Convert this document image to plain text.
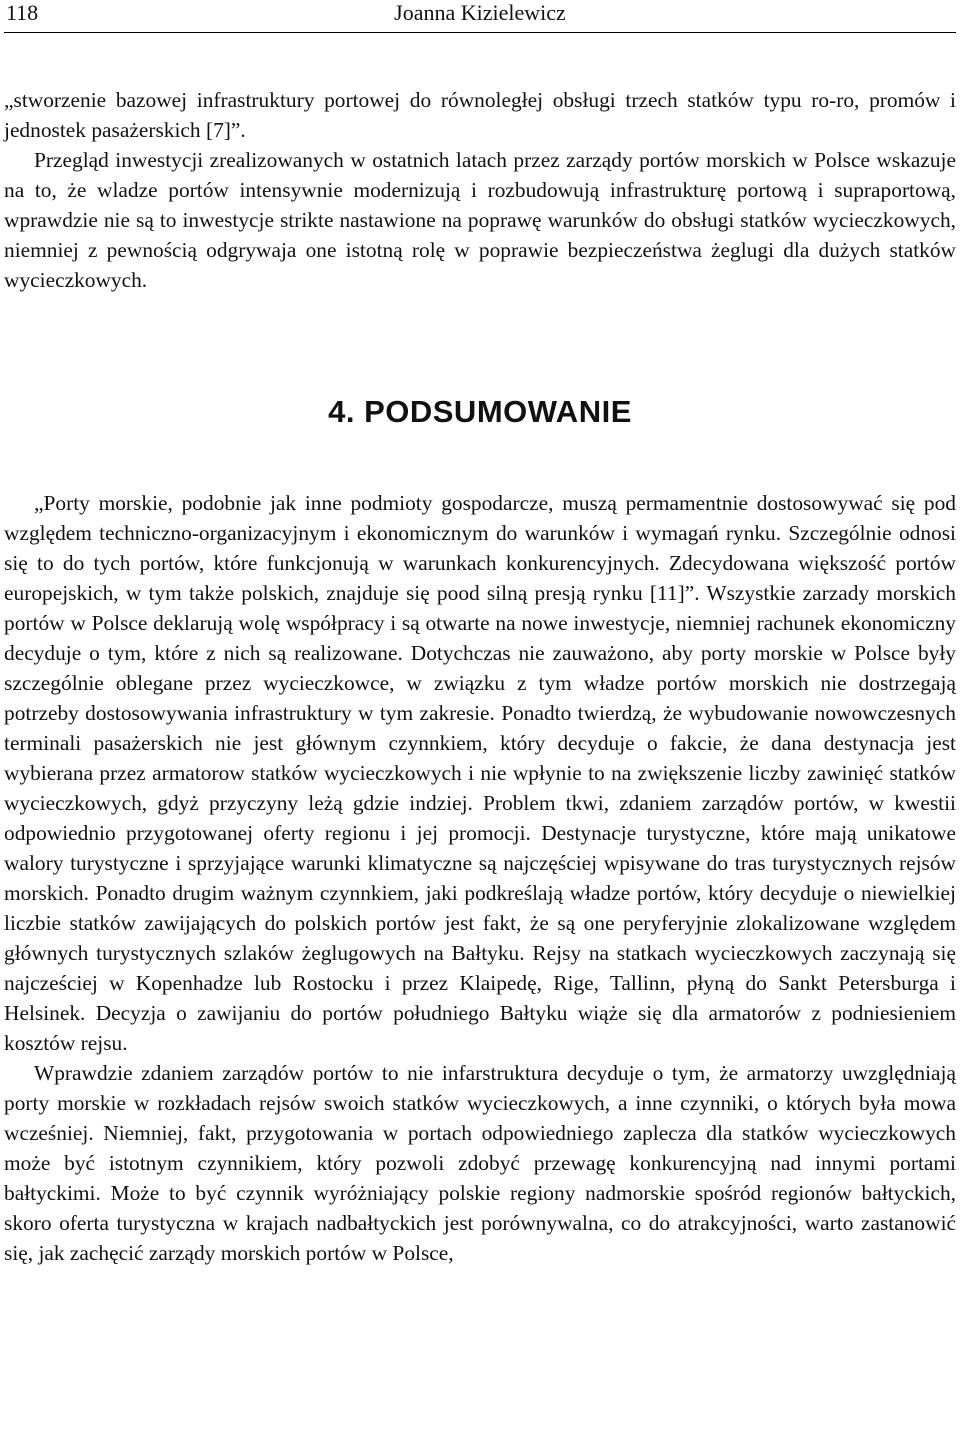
118	Joanna Kizielewicz

„stworzenie bazowej infrastruktury portowej do równoległej obsługi trzech statków typu ro-ro, promów i jednostek pasażerskich [7]”.

Przegląd inwestycji zrealizowanych w ostatnich latach przez zarządy portów morskich w Polsce wskazuje na to, że wladze portów intensywnie modernizują i rozbudowują infrastrukturę portową i supraportową, wprawdzie nie są to inwestycje strikte nastawione na poprawę warunków do obsługi statków wycieczkowych, niemniej z pewnością odgrywaja one istotną rolę w poprawie bezpieczeństwa żeglugi dla dużych statków wycieczkowych.

4. PODSUMOWANIE

„Porty morskie, podobnie jak inne podmioty gospodarcze, muszą permamentnie dostosowywać się pod względem techniczno-organizacyjnym i ekonomicznym do warunków i wymagań rynku. Szczególnie odnosi się to do tych portów, które funkcjonują w warunkach konkurencyjnych. Zdecydowana większość portów europejskich, w tym także polskich, znajduje się pood silną presją rynku [11]”. Wszystkie zarzady morskich portów w Polsce deklarują wolę współpracy i są otwarte na nowe inwestycje, niemniej rachunek ekonomiczny decyduje o tym, które z nich są realizowane. Dotychczas nie zauważono, aby porty morskie w Polsce były szczególnie oblegane przez wycieczkowce, w związku z tym władze portów morskich nie dostrzegają potrzeby dostosowywania infrastruktury w tym zakresie. Ponadto twierdzą, że wybudowanie nowowczesnych terminali pasażerskich nie jest głównym czynnkiem, który decyduje o fakcie, że dana destynacja jest wybierana przez armatorow statków wycieczkowych i nie wpłynie to na zwiększenie liczby zawinięć statków wycieczkowych, gdyż przyczyny leżą gdzie indziej. Problem tkwi, zdaniem zarządów portów, w kwestii odpowiednio przygotowanej oferty regionu i jej promocji. Destynacje turystyczne, które mają unikatowe walory turystyczne i sprzyjające warunki klimatyczne są najczęściej wpisywane do tras turystycznych rejsów morskich. Ponadto drugim ważnym czynnkiem, jaki podkreślają władze portów, który decyduje o niewielkiej liczbie statków zawijających do polskich portów jest fakt, że są one peryferyjnie zlokalizowane względem głównych turystycznych szlaków żeglugowych na Bałtyku. Rejsy na statkach wycieczkowych zaczynają się najcześciej w Kopenhadze lub Rostocku i przez Klaipedę, Rige, Tallinn, płyną do Sankt Petersburga i Helsinek. Decyzja o zawijaniu do portów południego Bałtyku wiąże się dla armatorów z podniesieniem kosztów rejsu.

Wprawdzie zdaniem zarządów portów to nie infarstruktura decyduje o tym, że armatorzy uwzględniają porty morskie w rozkładach rejsów swoich statków wycieczkowych, a inne czynniki, o których była mowa wcześniej. Niemniej, fakt, przygotowania w portach odpowiedniego zaplecza dla statków wycieczkowych może być istotnym czynnikiem, który pozwoli zdobyć przewagę konkurencyjną nad innymi portami bałtyckimi. Może to być czynnik wyróżniający polskie regiony nadmorskie spośród regionów bałtyckich, skoro oferta turystyczna w krajach nadbałtyckich jest porównywalna, co do atrakcyjności, warto zastanowić się, jak zachęcić zarządy morskich portów w Polsce,
